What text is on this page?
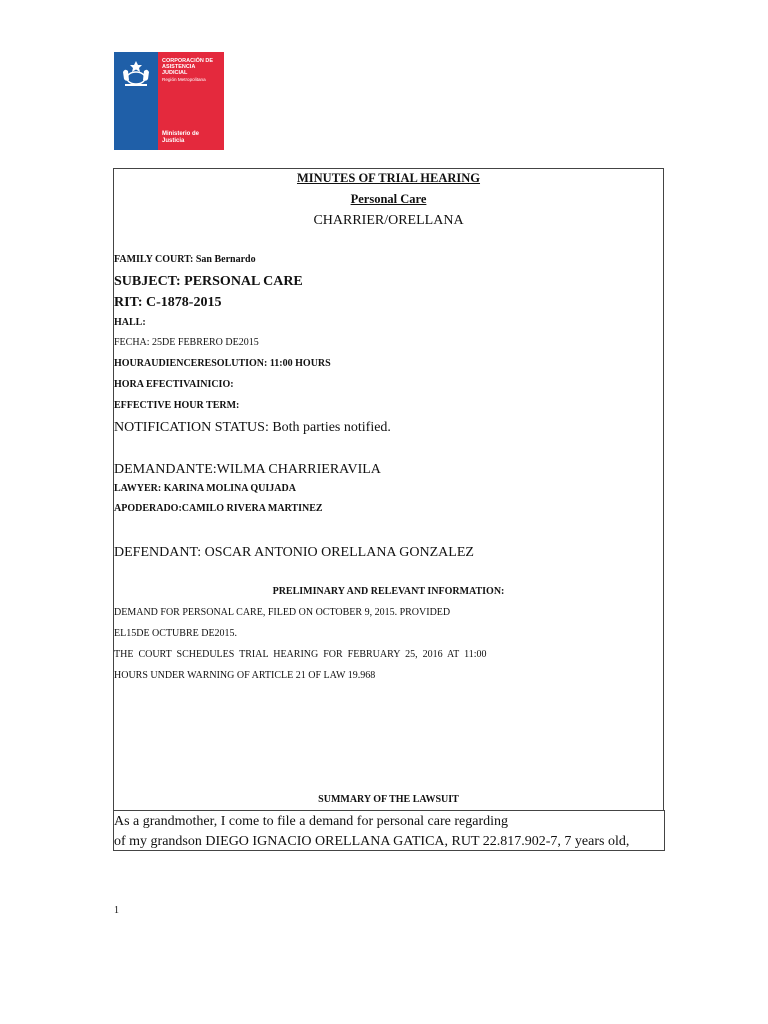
CORPORACIÓN DE
ASISTENCIA
JUDICIAL
Región Metropolitana
Ministerio de
Justicia
MINUTES OF TRIAL HEARING
Personal Care
CHARRIER/ORELLANA
FAMILY COURT: San Bernardo
SUBJECT: PERSONAL CARE
RIT: C-1878-2015
HALL:
FECHA: 25DE FEBRERO DE2015
HOURAUDIENCERESOLUTION: 11:00 HOURS
HORA EFECTIVAINICIO:
EFFECTIVE HOUR TERM:
NOTIFICATION STATUS: Both parties notified.
DEMANDANTE:WILMA CHARRIERAVILA
LAWYER: KARINA MOLINA QUIJADA
APODERADO:CAMILO RIVERA MARTINEZ
DEFENDANT: OSCAR ANTONIO ORELLANA GONZALEZ
PRELIMINARY AND RELEVANT INFORMATION:
DEMAND FOR PERSONAL CARE, FILED ON OCTOBER 9, 2015. PROVIDED
EL15DE OCTUBRE DE2015.
THE  COURT  SCHEDULES  TRIAL  HEARING  FOR  FEBRUARY  25,  2016  AT  11:00
HOURS UNDER WARNING OF ARTICLE 21 OF LAW 19.968
SUMMARY OF THE LAWSUIT
As a grandmother, I come to file a demand for personal care regarding
of my grandson DIEGO IGNACIO ORELLANA GATICA, RUT 22.817.902-7, 7 years old,
1
